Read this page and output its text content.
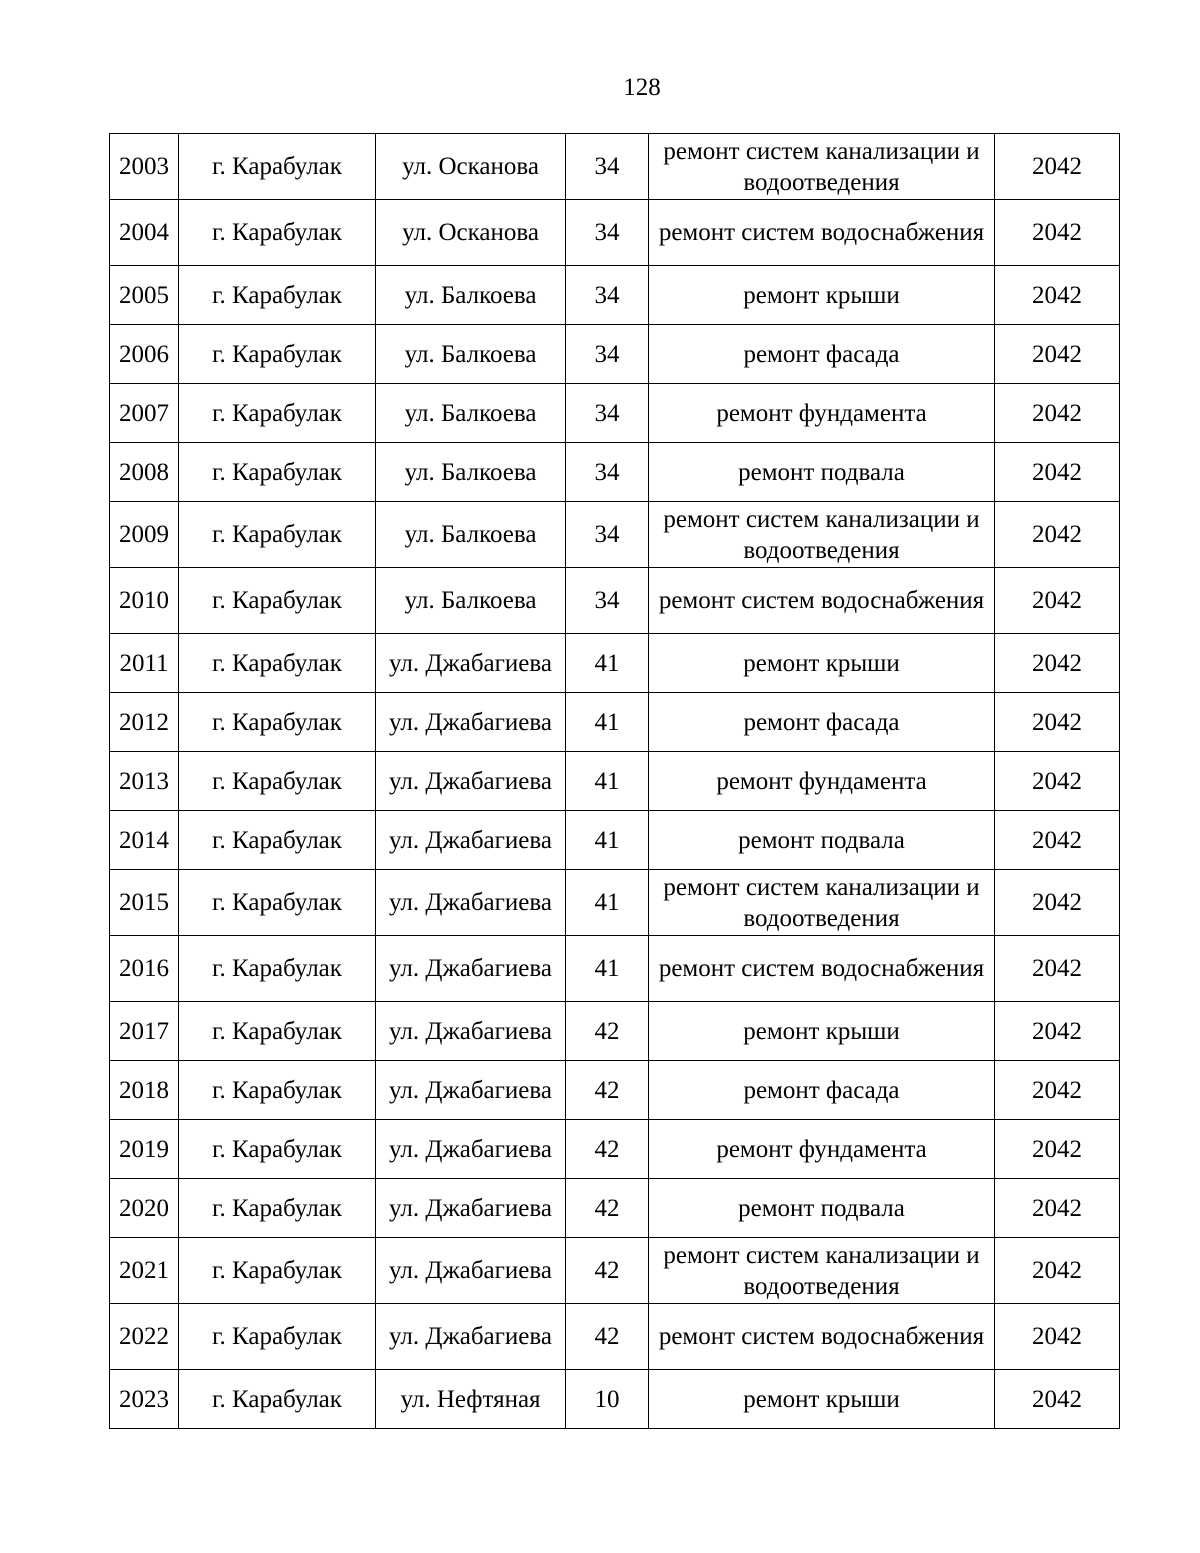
128
2003	г. Карабулак	ул. Осканова	34	ремонт систем канализации и водоотведения	2042
2004	г. Карабулак	ул. Осканова	34	ремонт систем водоснабжения	2042
2005	г. Карабулак	ул. Балкоева	34	ремонт крыши	2042
2006	г. Карабулак	ул. Балкоева	34	ремонт фасада	2042
2007	г. Карабулак	ул. Балкоева	34	ремонт фундамента	2042
2008	г. Карабулак	ул. Балкоева	34	ремонт подвала	2042
2009	г. Карабулак	ул. Балкоева	34	ремонт систем канализации и водоотведения	2042
2010	г. Карабулак	ул. Балкоева	34	ремонт систем водоснабжения	2042
2011	г. Карабулак	ул. Джабагиева	41	ремонт крыши	2042
2012	г. Карабулак	ул. Джабагиева	41	ремонт фасада	2042
2013	г. Карабулак	ул. Джабагиева	41	ремонт фундамента	2042
2014	г. Карабулак	ул. Джабагиева	41	ремонт подвала	2042
2015	г. Карабулак	ул. Джабагиева	41	ремонт систем канализации и водоотведения	2042
2016	г. Карабулак	ул. Джабагиева	41	ремонт систем водоснабжения	2042
2017	г. Карабулак	ул. Джабагиева	42	ремонт крыши	2042
2018	г. Карабулак	ул. Джабагиева	42	ремонт фасада	2042
2019	г. Карабулак	ул. Джабагиева	42	ремонт фундамента	2042
2020	г. Карабулак	ул. Джабагиева	42	ремонт подвала	2042
2021	г. Карабулак	ул. Джабагиева	42	ремонт систем канализации и водоотведения	2042
2022	г. Карабулак	ул. Джабагиева	42	ремонт систем водоснабжения	2042
2023	г. Карабулак	ул. Нефтяная	10	ремонт крыши	2042
